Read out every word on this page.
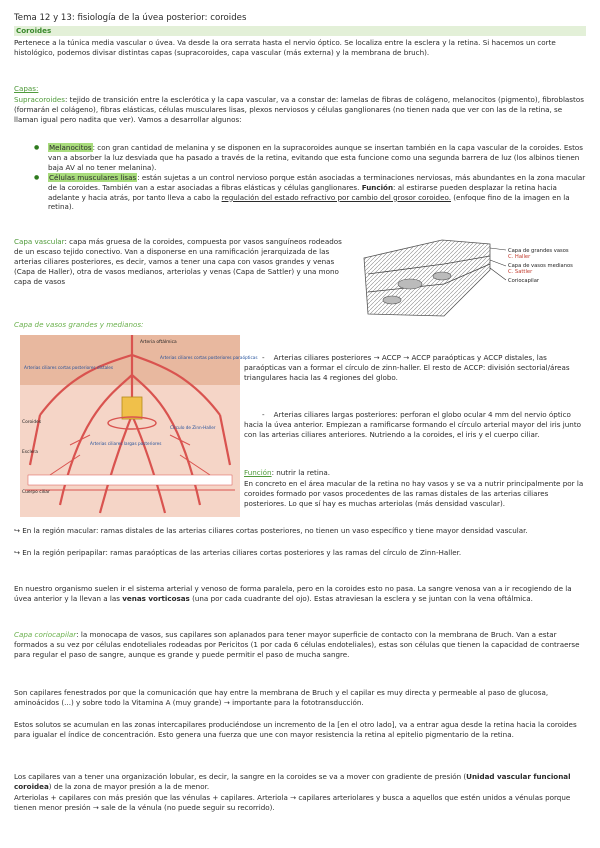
Tema 12 y 13: fisiología de la úvea posterior: coroides

Coroides

Pertenece a la túnica media vascular o úvea. Va desde la ora serrata hasta el nervio óptico. Se localiza entre la esclera y la retina. Si hacemos un corte histológico, podemos divisar distintas capas (supracoroides, capa vascular (más externa) y la membrana de bruch).

Capas:

Supracoroides: tejido de transición entre la esclerótica y la capa vascular, va a constar de: lamelas de fibras de colágeno, melanocitos (pigmento), fibroblastos (formarán el colágeno), fibras elásticas, células musculares lisas, plexos nerviosos y células ganglionares (no tienen nada que ver con las de la retina, se llaman igual pero nadita que ver). Vamos a desarrollar algunos:

● Melanocitos: con gran cantidad de melanina y se disponen en la supracoroides aunque se insertan también en la capa vascular de la coroides. Estos van a absorber la luz desviada que ha pasado a través de la retina, evitando que esta funcione como una segunda barrera de luz (los albinos tienen baja AV al no tener melanina).
● Células musculares lisas: están sujetas a un control nervioso porque están asociadas a terminaciones nerviosas, más abundantes en la zona macular de la coroides. También van a estar asociadas a fibras elásticas y células ganglionares. Función: al estirarse pueden desplazar la retina hacia adelante y hacia atrás, por tanto lleva a cabo la regulación del estado refractivo por cambio del grosor coroideo. (enfoque fino de la imagen en la retina).

Capa vascular: capa más gruesa de la coroides, compuesta por vasos sanguíneos rodeados de un escaso tejido conectivo. Van a disponerse en una ramificación jerarquizada de las arterias ciliares posteriores, es decir, vamos a tener una capa con vasos grandes y venas (Capa de Haller), otra de vasos medianos, arteriolas y venas (Capa de Sattler) y una mono capa de vasos

Capa de grandes vasos
C. Haller
Capa de vasos medianos
C. Sattler
Coriocapilar

Capa de vasos grandes y medianos:

Arteria oftálmica
Arterias ciliares cortas posteriores distales
Arterias ciliares cortas posteriores paraópticas
Coroides
Círculo de Zinn-Haller
Esclera
Arterias ciliares largas posteriores
Cuerpo ciliar

-    Arterias ciliares posteriores → ACCP → ACCP paraópticas y ACCP distales, las paraópticas van a formar el círculo de zinn-haller. El resto de ACCP: división sectorial/áreas triangulares hacia las 4 regiones del globo.

-    Arterias ciliares largas posteriores: perforan el globo ocular 4 mm del nervio óptico hacia la úvea anterior. Empiezan a ramificarse formando el círculo arterial mayor del iris junto con las arterias ciliares anteriores. Nutriendo a la coroides, el iris y el cuerpo ciliar.

Función: nutrir la retina.

En concreto en el área macular de la retina no hay vasos y se va a nutrir principalmente por la coroides formado por vasos procedentes de las ramas distales de las arterias ciliares posteriores. Lo que sí hay es muchas arteriolas (más densidad vascular).

↪ En la región macular: ramas distales de las arterias ciliares cortas posteriores, no tienen un vaso específico y tiene mayor densidad vascular.

↪ En la región peripapilar: ramas paraópticas de las arterias ciliares cortas posteriores y las ramas del círculo de Zinn-Haller.

En nuestro organismo suelen ir el sistema arterial y venoso de forma paralela, pero en la coroides esto no pasa. La sangre venosa van a ir recogiendo de la úvea anterior y la llevan a las venas vorticosas (una por cada cuadrante del ojo). Estas atraviesan la esclera y se juntan con la vena oftálmica.

Capa coriocapilar: la monocapa de vasos, sus capilares son aplanados para tener mayor superficie de contacto con la membrana de Bruch. Van a estar formados a su vez por células endoteliales rodeadas por Pericitos (1 por cada 6 células endoteliales), estas son células que tienen la capacidad de contraerse para regular el paso de sangre, aunque es grande y puede permitir el paso de mucha sangre.

Son capilares fenestrados por que la comunicación que hay entre la membrana de Bruch y el capilar es muy directa y permeable al paso de glucosa, aminoácidos (...) y sobre todo la Vitamina A (muy grande) → importante para la fototransducción.

Estos solutos se acumulan en las zonas intercapilares produciéndose un incremento de la [en el otro lado], va a entrar agua desde la retina hacia la coroides para igualar el índice de concentración. Esto genera una fuerza que une con mayor resistencia la retina al epitelio pigmentario de la retina.

Los capilares van a tener una organización lobular, es decir, la sangre en la coroides se va a mover con gradiente de presión (Unidad vascular funcional coroidea) de la zona de mayor presión a la de menor.

Arteriolas + capilares con más presión que las vénulas + capilares. Arteriola → capilares arteriolares y busca a aquellos que estén unidos a vénulas porque tienen menor presión → sale de la vénula (no puede seguir su recorrido).
